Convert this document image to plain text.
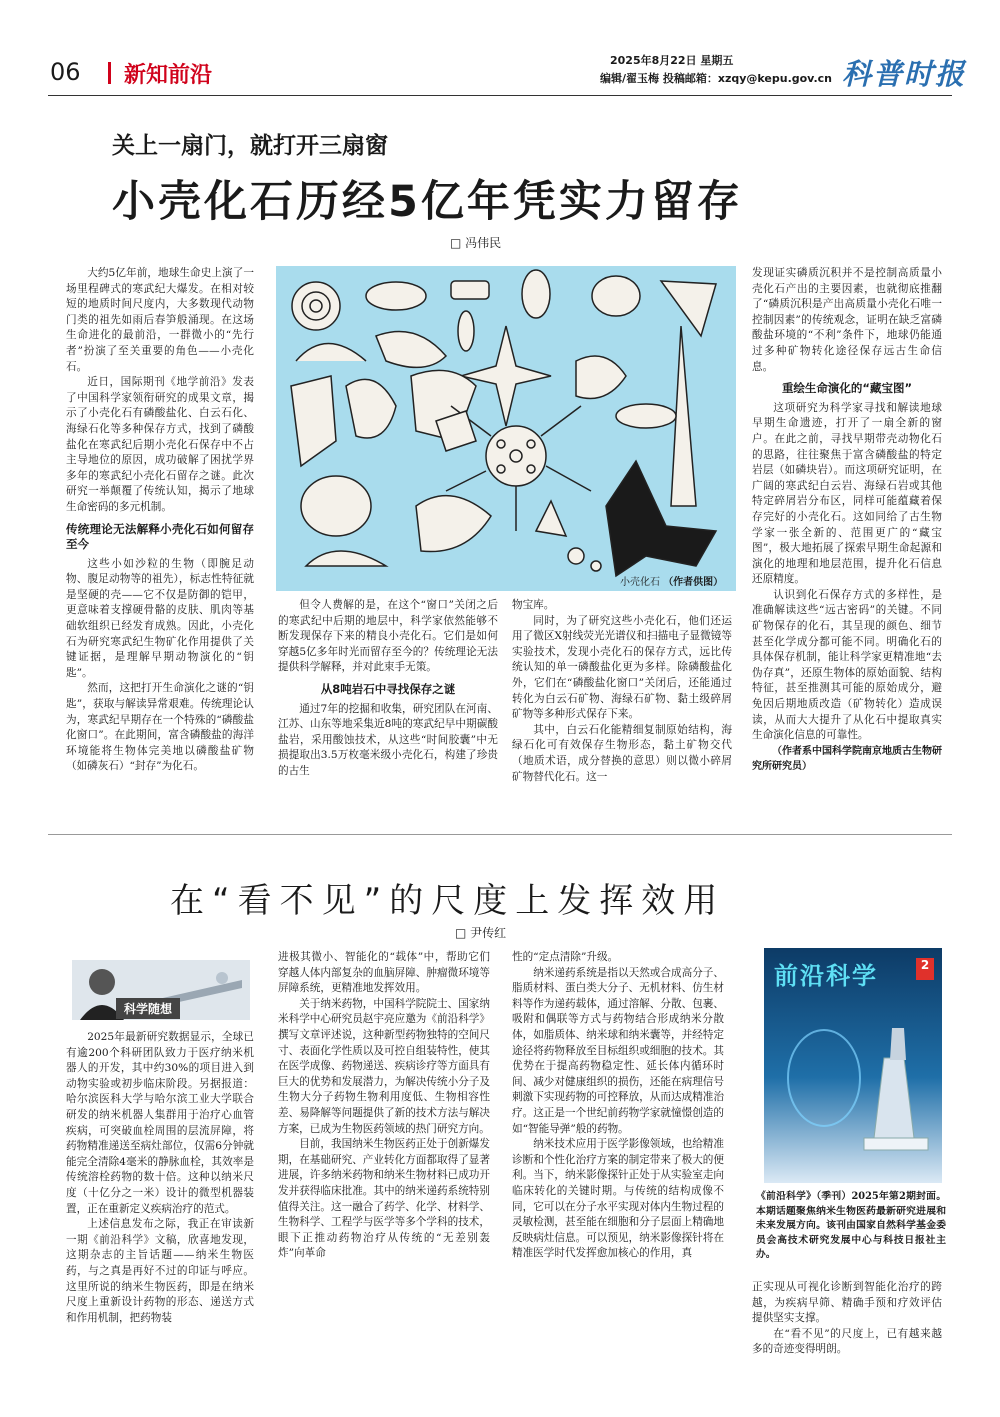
06 新知前沿
2025年8月22日 星期五
编辑/翟玉梅 投稿邮箱：xzqy@kepu.gov.cn 科普时报
关上一扇门，就打开三扇窗
小壳化石历经5亿年凭实力留存
□ 冯伟民

大约5亿年前，地球生命史上演了一场里程碑式的寒武纪大爆发。在相对较短的地质时间尺度内，大多数现代动物门类的祖先如雨后春笋般涌现。在这场生命进化的最前沿，一群微小的“先行者”扮演了至关重要的角色——小壳化石。

近日，国际期刊《地学前沿》发表了中国科学家领衔研究的成果文章，揭示了小壳化石有磷酸盐化、白云石化、海绿石化等多种保存方式，找到了磷酸盐化在寒武纪后期小壳化石保存中不占主导地位的原因，成功破解了困扰学界多年的寒武纪小壳化石留存之谜。此次研究一举颠覆了传统认知，揭示了地球生命密码的多元机制。

传统理论无法解释小壳化石如何留存至今

这些小如沙粒的生物（即腕足动物、腹足动物等的祖先），标志性特征就是坚硬的壳——它不仅是防御的铠甲，更意味着支撑硬骨骼的皮肤、肌肉等基础软组织已经发育成熟。因此，小壳化石为研究寒武纪生物矿化作用提供了关键证据，是理解早期动物演化的“钥匙”。

然而，这把打开生命演化之谜的“钥匙”，获取与解读异常艰难。传统理论认为，寒武纪早期存在一个特殊的“磷酸盐化窗口”。在此期间，富含磷酸盐的海洋环境能将生物体完美地以磷酸盐矿物（如磷灰石）“封存”为化石。

小壳化石 （作者供图）

但令人费解的是，在这个“窗口”关闭之后的寒武纪中后期的地层中，科学家依然能够不断发现保存下来的精良小壳化石。它们是如何穿越5亿多年时光而留存至今的？传统理论无法提供科学解释，并对此束手无策。

从8吨岩石中寻找保存之谜

通过7年的挖掘和收集，研究团队在河南、江苏、山东等地采集近8吨的寒武纪早中期碳酸盐岩，采用酸蚀技术，从这些“时间胶囊”中无损提取出3.5万枚毫米级小壳化石，构建了珍贵的古生

物宝库。

同时，为了研究这些小壳化石，他们还运用了微区X射线荧光光谱仪和扫描电子显微镜等实验技术，发现小壳化石的保存方式，远比传统认知的单一磷酸盐化更为多样。除磷酸盐化外，它们在“磷酸盐化窗口”关闭后，还能通过转化为白云石矿物、海绿石矿物、黏土级碎屑矿物等多种形式保存下来。

其中，白云石化能精细复制原始结构，海绿石化可有效保存生物形态，黏土矿物交代（地质术语，成分替换的意思）则以微小碎屑矿物替代化石。这一

发现证实磷质沉积并不是控制高质量小壳化石产出的主要因素，也就彻底推翻了“磷质沉积是产出高质量小壳化石唯一控制因素”的传统观念，证明在缺乏富磷酸盐环境的“不利”条件下，地球仍能通过多种矿物转化途径保存远古生命信息。

重绘生命演化的“藏宝图”

这项研究为科学家寻找和解读地球早期生命遗迹，打开了一扇全新的窗户。在此之前，寻找早期带壳动物化石的思路，往往聚焦于富含磷酸盐的特定岩层（如磷块岩）。而这项研究证明，在广阔的寒武纪白云岩、海绿石岩或其他特定碎屑岩分布区，同样可能蕴藏着保存完好的小壳化石。这如同给了古生物学家一张全新的、范围更广的“藏宝图”，极大地拓展了探索早期生命起源和演化的地理和地层范围，提升化石信息还原精度。

认识到化石保存方式的多样性，是准确解读这些“远古密码”的关键。不同矿物保存的化石，其呈现的颜色、细节甚至化学成分都可能不同。明确化石的具体保存机制，能让科学家更精准地“去伪存真”，还原生物体的原始面貌、结构特征，甚至推测其可能的原始成分，避免因后期地质改造（矿物转化）造成误读，从而大大提升了从化石中提取真实生命演化信息的可靠性。

（作者系中国科学院南京地质古生物研究所研究员）

在“看不见”的尺度上发挥效用
□ 尹传红
科学随想

2025年最新研究数据显示，全球已有逾200个科研团队致力于医疗纳米机器人的开发，其中约30%的项目进入到动物实验或初步临床阶段。另据报道：哈尔滨医科大学与哈尔滨工业大学联合研发的纳米机器人集群用于治疗心血管疾病，可突破血栓周围的层流屏障，将药物精准递送至病灶部位，仅需6分钟就能完全清除4毫米的静脉血栓，其效率是传统溶栓药物的数十倍。这种以纳米尺度（十亿分之一米）设计的微型机器装置，正在重新定义疾病治疗的范式。

上述信息发布之际，我正在审读新一期《前沿科学》文稿，欣喜地发现，这期杂志的主旨话题——纳米生物医药，与之真是再好不过的印证与呼应。这里所说的纳米生物医药，即是在纳米尺度上重新设计药物的形态、递送方式和作用机制，把药物装

进极其微小、智能化的“载体”中，帮助它们穿越人体内部复杂的血脑屏障、肿瘤微环境等屏障系统，更精准地发挥效用。

关于纳米药物，中国科学院院士、国家纳米科学中心研究员赵宇亮应邀为《前沿科学》撰写文章评述说，这种新型药物独特的空间尺寸、表面化学性质以及可控自组装特性，使其在医学成像、药物递送、疾病诊疗等方面具有巨大的优势和发展潜力，为解决传统小分子及生物大分子药物生物利用度低、生物相容性差、易降解等问题提供了新的技术方法与解决方案，已成为生物医药领域的热门研究方向。

目前，我国纳米生物医药正处于创新爆发期，在基础研究、产业转化方面都取得了显著进展，许多纳米药物和纳米生物材料已成功开发并获得临床批准。其中的纳米递药系统特别值得关注。这一融合了药学、化学、材料学、生物科学、工程学与医学等多个学科的技术，眼下正推动药物治疗从传统的“无差别轰炸”向革命

性的“定点清除”升级。

纳米递药系统是指以天然或合成高分子、脂质材料、蛋白类大分子、无机材料、仿生材料等作为递药载体，通过溶解、分散、包裹、吸附和偶联等方式与药物结合形成纳米分散体，如脂质体、纳米球和纳米囊等，并经特定途径将药物释放至目标组织或细胞的技术。其优势在于提高药物稳定性、延长体内循环时间、减少对健康组织的损伤，还能在病理信号刺激下实现药物的可控释放，从而达成精准治疗。这正是一个世纪前药物学家就憧憬创造的如“智能导弹”般的药物。

纳米技术应用于医学影像领域，也给精准诊断和个性化治疗方案的制定带来了极大的便利。当下，纳米影像探针正处于从实验室走向临床转化的关键时期。与传统的结构成像不同，它可以在分子水平实现对体内生物过程的灵敏检测，甚至能在细胞和分子层面上精确地反映病灶信息。可以预见，纳米影像探针将在精准医学时代发挥愈加核心的作用，真

前沿科学	2
《前沿科学》（季刊）2025年第2期封面。本期话题聚焦纳米生物医药最新研究进展和未来发展方向。该刊由国家自然科学基金委员会高技术研究发展中心与科技日报社主办。

正实现从可视化诊断到智能化治疗的跨越，为疾病早筛、精确手预和疗效评估提供坚实支撑。

在“看不见”的尺度上，已有越来越多的奇迹变得明朗。
